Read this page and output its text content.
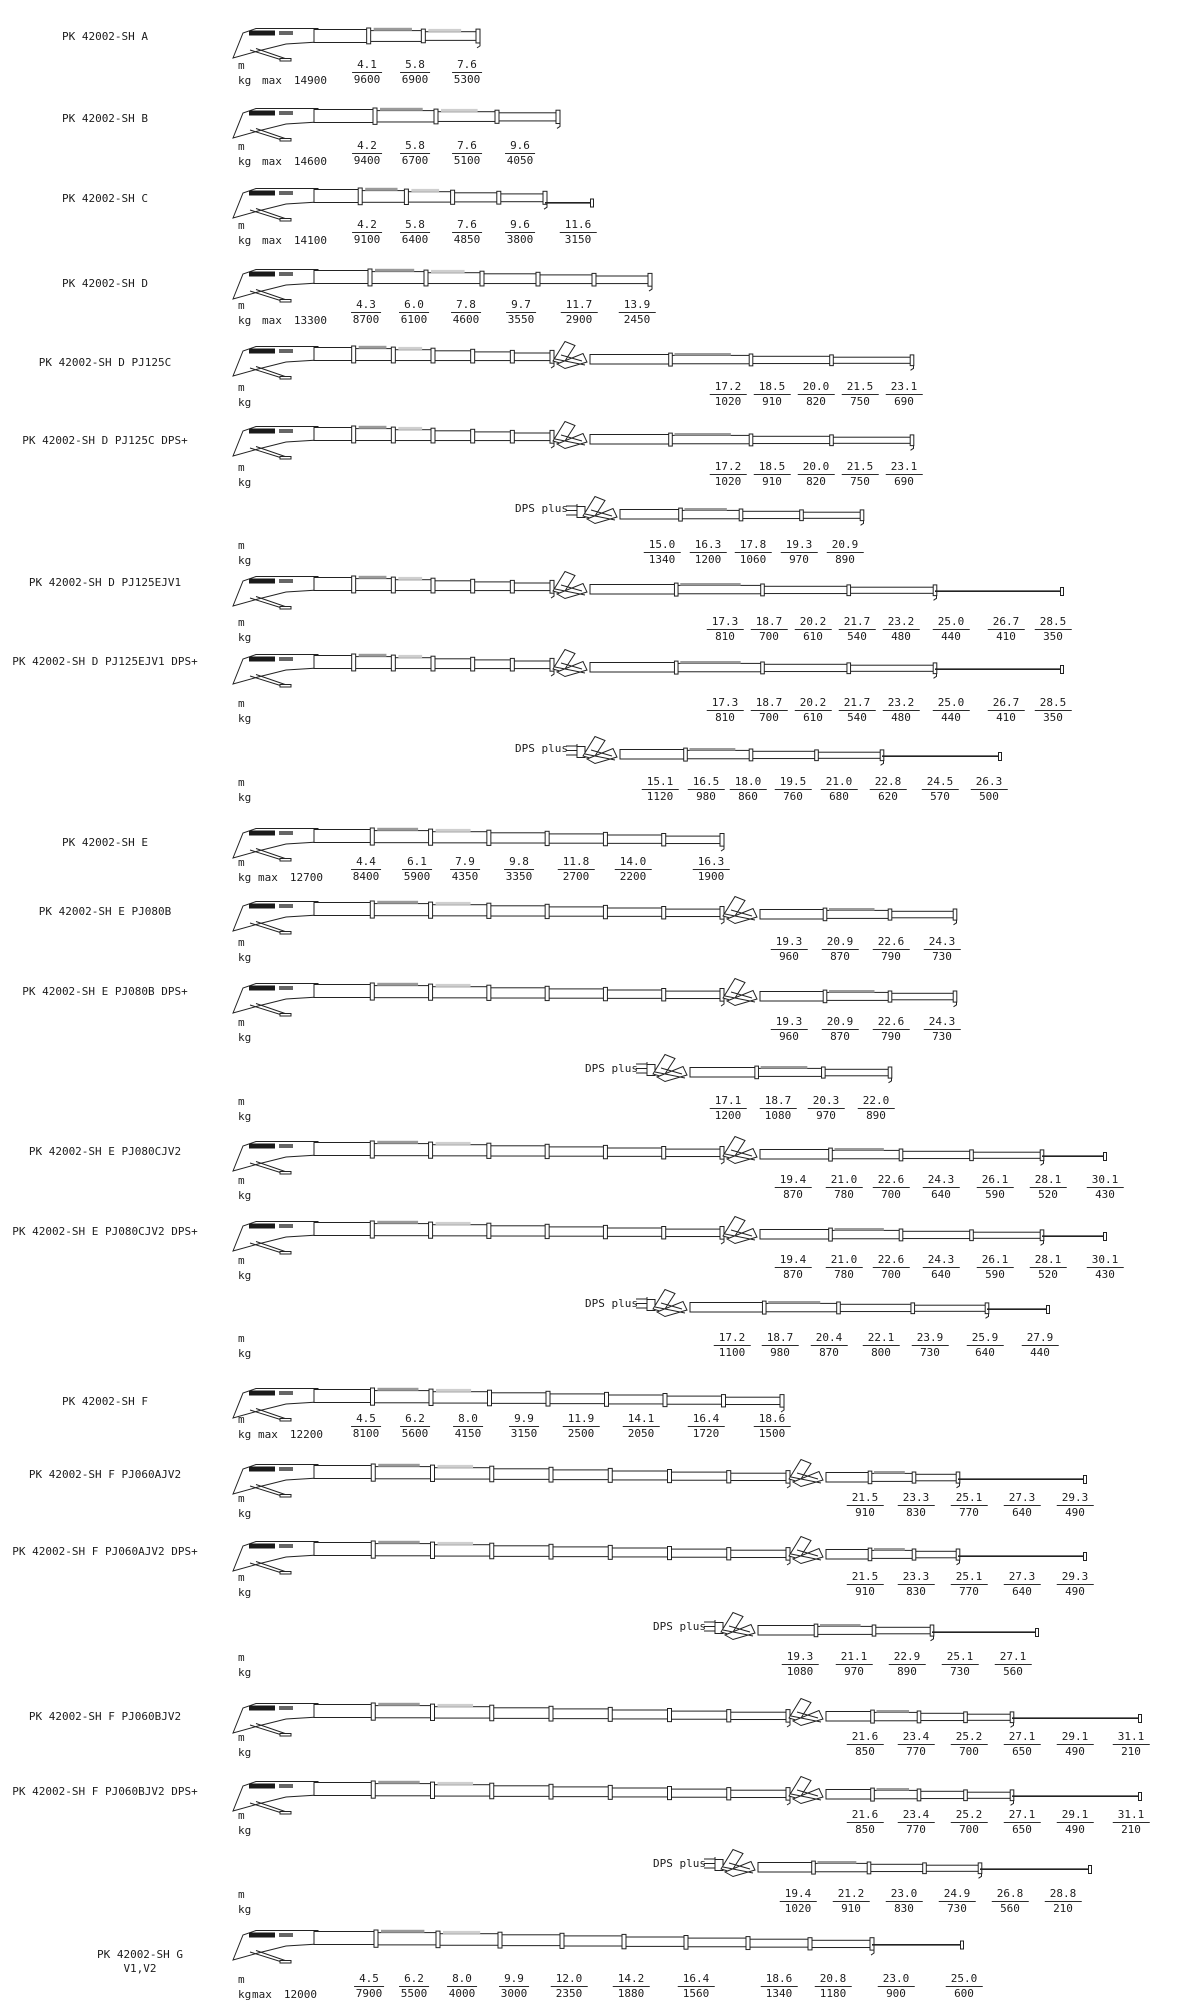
PK 42002-SH A
m
kg max 14900
4.1
9600
5.8
6900
7.6
5300
PK 42002-SH B
m
kg max 14600
4.2
9400
5.8
6700
7.6
5100
9.6
4050
PK 42002-SH C
m
kg max 14100
4.2
9100
5.8
6400
7.6
4850
9.6
3800
11.6
3150
PK 42002-SH D
m
kg max 13300
4.3
8700
6.0
6100
7.8
4600
9.7
3550
11.7
2900
13.9
2450
PK 42002-SH D PJ125C
m
kg
17.2
1020
18.5
910
20.0
820
21.5
750
23.1
690
PK 42002-SH D PJ125C DPS+
m
kg
17.2
1020
18.5
910
20.0
820
21.5
750
23.1
690
DPS plus
m
kg
15.0
1340
16.3
1200
17.8
1060
19.3
970
20.9
890
PK 42002-SH D PJ125EJV1
m
kg
17.3
810
18.7
700
20.2
610
21.7
540
23.2
480
25.0
440
26.7
410
28.5
350
PK 42002-SH D PJ125EJV1 DPS+
m
kg
17.3
810
18.7
700
20.2
610
21.7
540
23.2
480
25.0
440
26.7
410
28.5
350
DPS plus
m
kg
15.1
1120
16.5
980
18.0
860
19.5
760
21.0
680
22.8
620
24.5
570
26.3
500
PK 42002-SH E
m
kg max 12700
4.4
8400
6.1
5900
7.9
4350
9.8
3350
11.8
2700
14.0
2200
16.3
1900
PK 42002-SH E PJ080B
m
kg
19.3
960
20.9
870
22.6
790
24.3
730
PK 42002-SH E PJ080B DPS+
m
kg
19.3
960
20.9
870
22.6
790
24.3
730
DPS plus
m
kg
17.1
1200
18.7
1080
20.3
970
22.0
890
PK 42002-SH E PJ080CJV2
m
kg
19.4
870
21.0
780
22.6
700
24.3
640
26.1
590
28.1
520
30.1
430
PK 42002-SH E PJ080CJV2 DPS+
m
kg
19.4
870
21.0
780
22.6
700
24.3
640
26.1
590
28.1
520
30.1
430
DPS plus
m
kg
17.2
1100
18.7
980
20.4
870
22.1
800
23.9
730
25.9
640
27.9
440
PK 42002-SH F
m
kg max 12200
4.5
8100
6.2
5600
8.0
4150
9.9
3150
11.9
2500
14.1
2050
16.4
1720
18.6
1500
PK 42002-SH F PJ060AJV2
m
kg
21.5
910
23.3
830
25.1
770
27.3
640
29.3
490
PK 42002-SH F PJ060AJV2 DPS+
m
kg
21.5
910
23.3
830
25.1
770
27.3
640
29.3
490
DPS plus
m
kg
19.3
1080
21.1
970
22.9
890
25.1
730
27.1
560
PK 42002-SH F PJ060BJV2
m
kg
21.6
850
23.4
770
25.2
700
27.1
650
29.1
490
31.1
210
PK 42002-SH F PJ060BJV2 DPS+
m
kg
21.6
850
23.4
770
25.2
700
27.1
650
29.1
490
31.1
210
DPS plus
m
kg
19.4
1020
21.2
910
23.0
830
24.9
730
26.8
560
28.8
210
PK 42002-SH G
V1,V2
m
kg max 12000
4.5
7900
6.2
5500
8.0
4000
9.9
3000
12.0
2350
14.2
1880
16.4
1560
18.6
1340
20.8
1180
23.0
900
25.0
600
